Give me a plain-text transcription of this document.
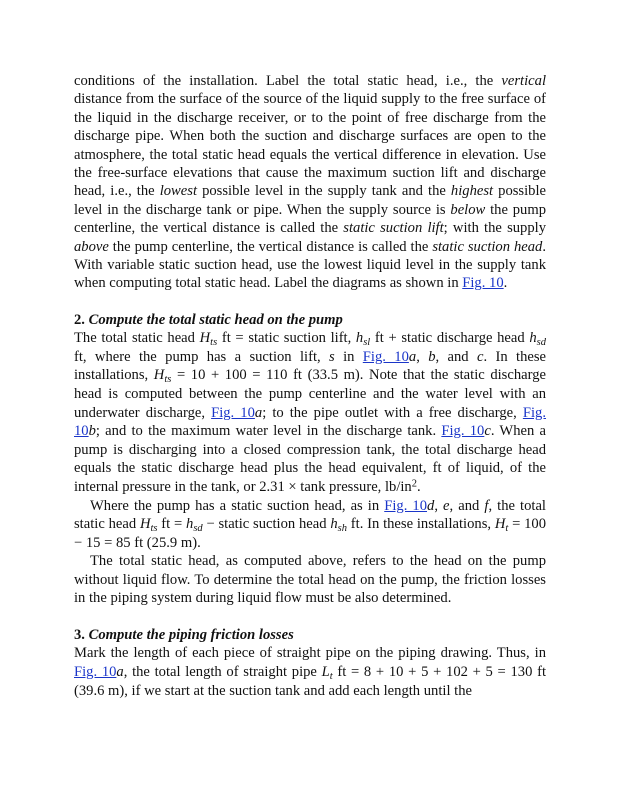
conditions of the installation. Label the total static head, i.e., the vertical distance from the surface of the source of the liquid supply to the free surface of the liquid in the discharge receiver, or to the point of free discharge from the discharge pipe. When both the suction and discharge surfaces are open to the atmosphere, the total static head equals the vertical difference in elevation. Use the free-surface elevations that cause the maximum suction lift and discharge head, i.e., the lowest possible level in the supply tank and the highest possible level in the discharge tank or pipe. When the supply source is below the pump centerline, the vertical distance is called the static suction lift; with the supply above the pump centerline, the vertical distance is called the static suction head. With variable static suction head, use the lowest liquid level in the supply tank when computing total static head. Label the diagrams as shown in Fig. 10.

2. Compute the total static head on the pump

The total static head $H_{ts}$ ft = static suction lift, $h_{sl}$ ft + static discharge head $h_{sd}$ ft, where the pump has a suction lift, s in Fig. 10a, b, and c. In these installations, $H_{ts} = 10 + 100 = 110$ ft (33.5 m). Note that the static discharge head is computed between the pump centerline and the water level with an underwater discharge, Fig. 10a; to the pipe outlet with a free discharge, Fig. 10b; and to the maximum water level in the discharge tank. Fig. 10c. When a pump is discharging into a closed compression tank, the total discharge head equals the static discharge head plus the head equivalent, ft of liquid, of the internal pressure in the tank, or 2.31 × tank pressure, $lb/in^2$.

Where the pump has a static suction head, as in Fig. 10d, e, and f, the total static head $H_{ts}$ ft = $h_{sd}$ − static suction head $h_{sh}$ ft. In these installations, $H_t = 100 - 15 = 85$ ft (25.9 m).

The total static head, as computed above, refers to the head on the pump without liquid flow. To determine the total head on the pump, the friction losses in the piping system during liquid flow must be also determined.

3. Compute the piping friction losses

Mark the length of each piece of straight pipe on the piping drawing. Thus, in Fig. 10a, the total length of straight pipe $L_t$ ft = 8 + 10 + 5 + 102 + 5 = 130 ft (39.6 m), if we start at the suction tank and add each length until the
